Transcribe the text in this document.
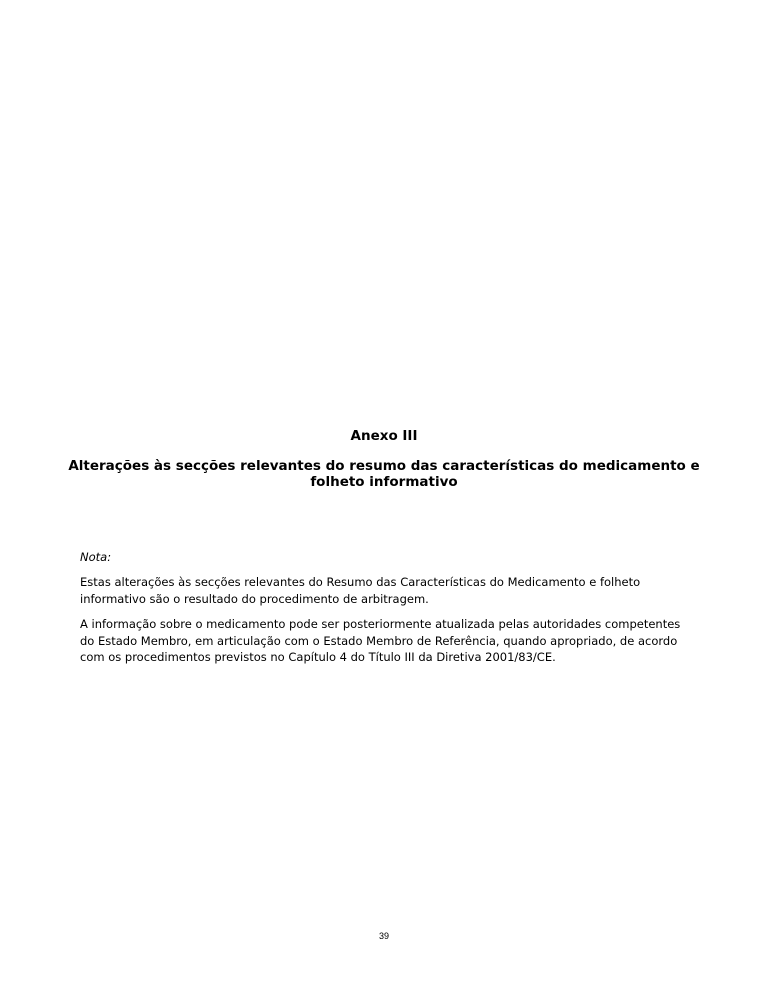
Anexo III
Alterações às secções relevantes do resumo das características do medicamento e folheto informativo
Nota:

Estas alterações às secções relevantes do Resumo das Características do Medicamento e folheto informativo são o resultado do procedimento de arbitragem.

A informação sobre o medicamento pode ser posteriormente atualizada pelas autoridades competentes do Estado Membro, em articulação com o Estado Membro de Referência, quando apropriado, de acordo com os procedimentos previstos no Capítulo 4 do Título III da Diretiva 2001/83/CE.

39
